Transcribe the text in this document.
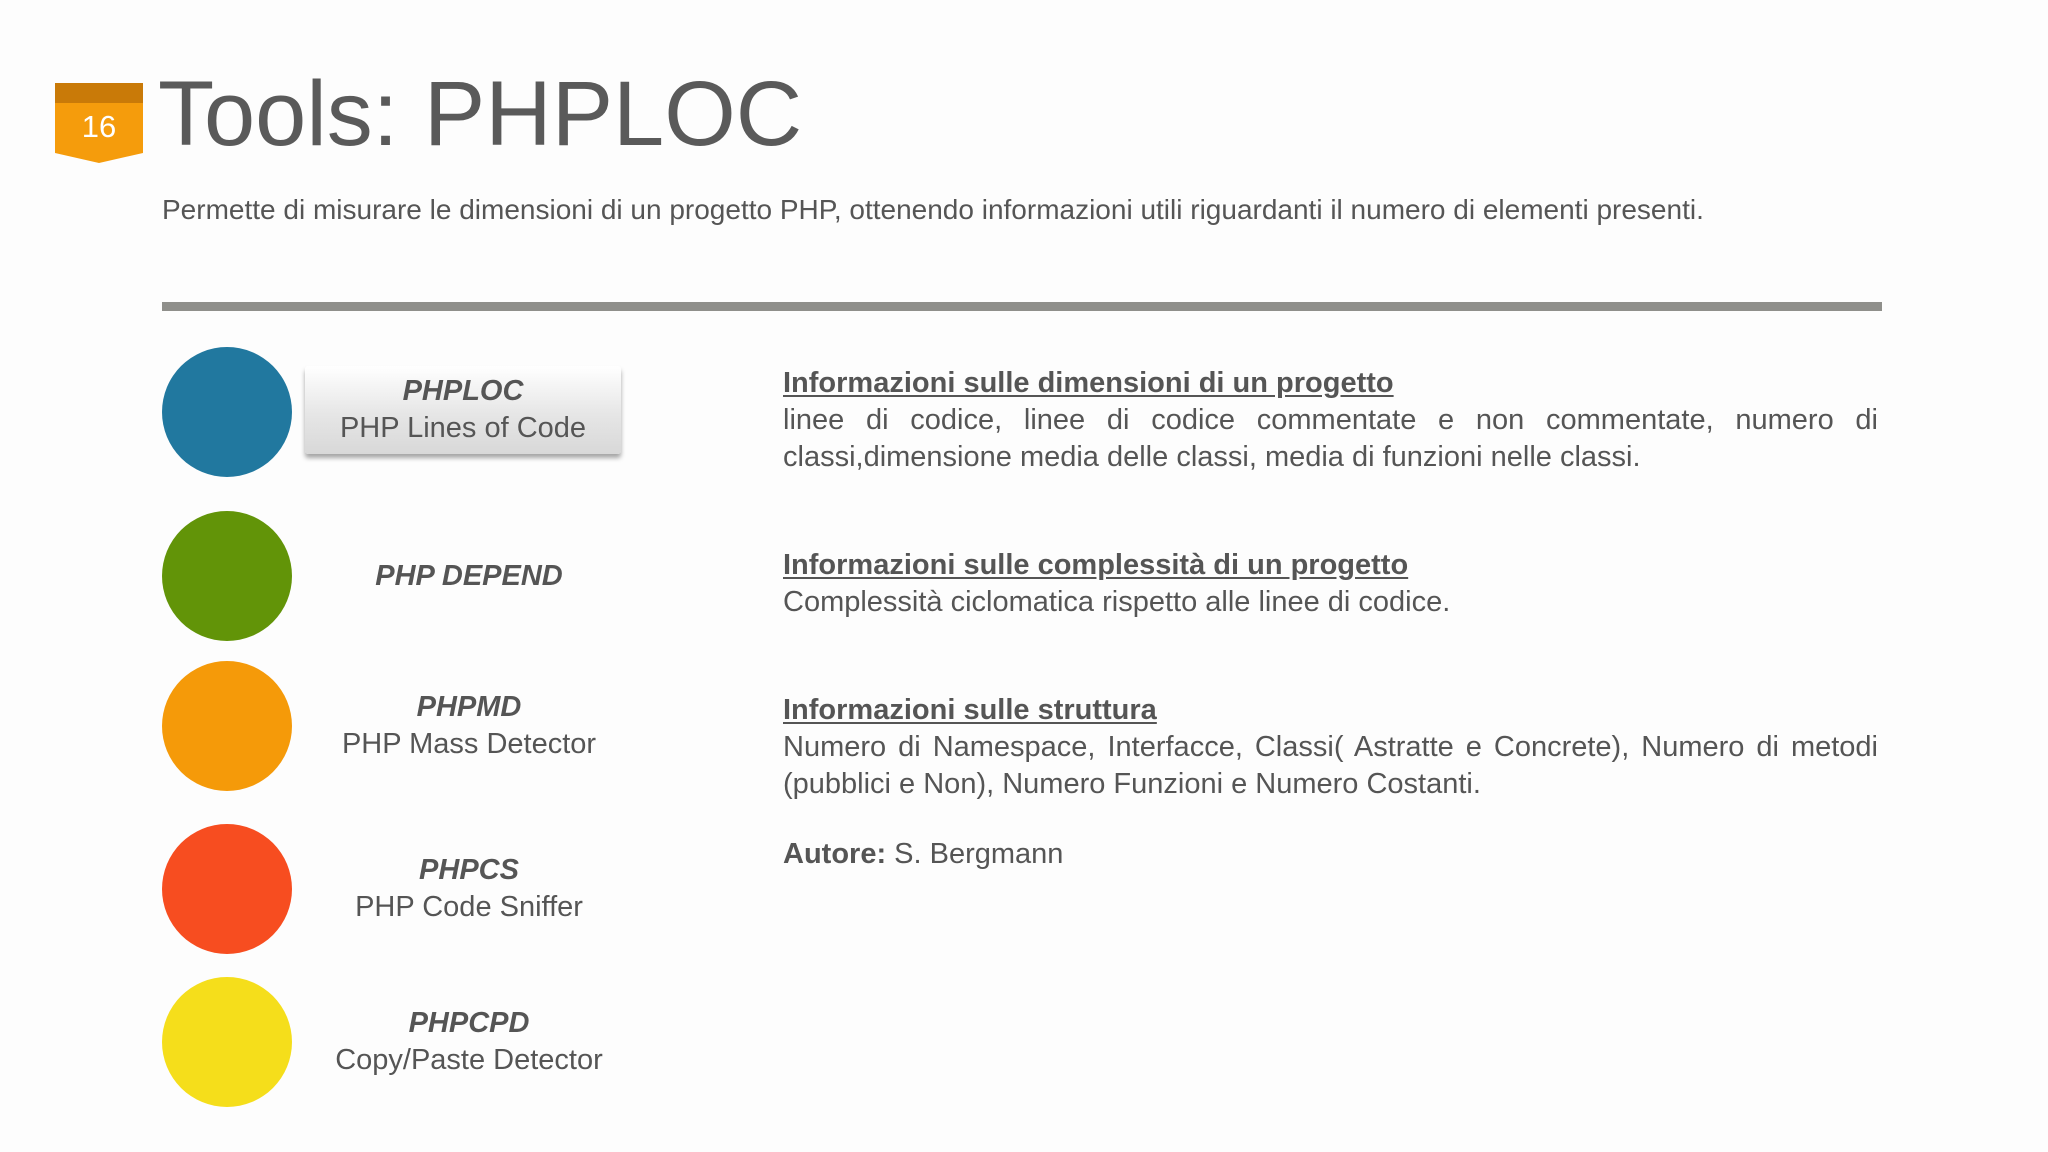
16 Tools: PHPLOC
Permette di misurare le dimensioni di un progetto PHP, ottenendo informazioni utili riguardanti il numero di elementi presenti.
PHPLOC
PHP Lines of Code
PHP DEPEND
PHPMD
PHP Mass Detector
PHPCS
PHP Code Sniffer
PHPCPD
Copy/Paste Detector
Informazioni sulle dimensioni di un progetto
linee di codice, linee di codice commentate e non commentate, numero di
classi,dimensione media delle classi, media di funzioni nelle classi.
Informazioni sulle complessità di un progetto
Complessità ciclomatica rispetto alle linee di codice.
Informazioni sulle struttura
Numero di Namespace, Interfacce, Classi( Astratte e Concrete), Numero di metodi
(pubblici e Non), Numero Funzioni e Numero Costanti.
Autore: S. Bergmann
